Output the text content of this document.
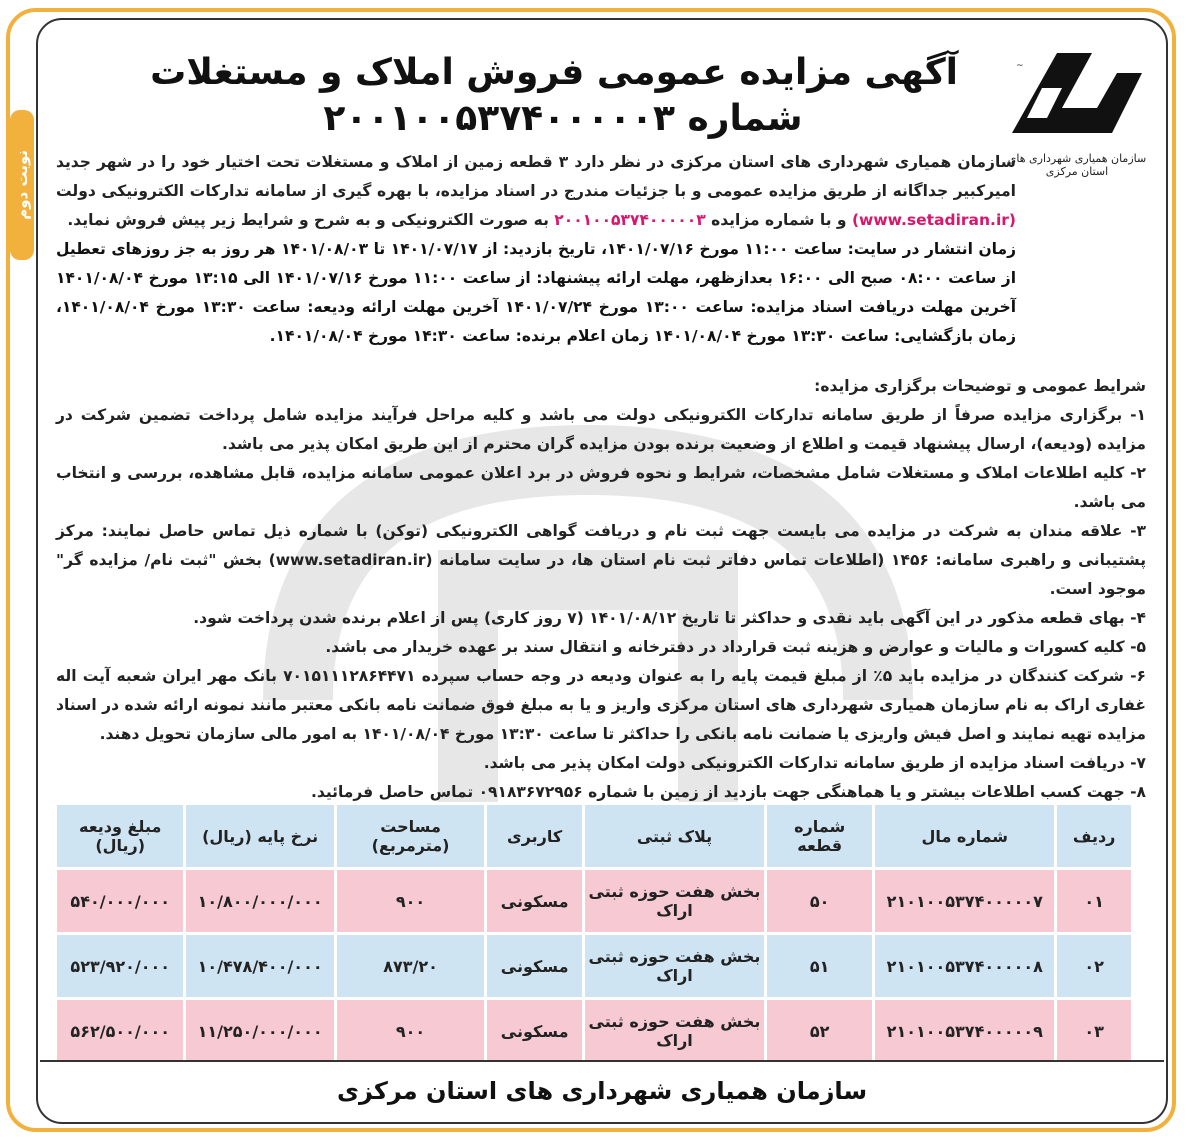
نوبت دوم
~
سازمان همیاری شهرداری های استان مرکزی
آگهی مزایده عمومی فروش املاک و مستغلات
شماره ۲۰۰۱۰۰۵۳۷۴۰۰۰۰۰۳

سازمان همیاری شهرداری های استان مرکزی در نظر دارد ۳ قطعه زمین از املاک و مستغلات تحت اختیار خود را در شهر جدید امیرکبیر جداگانه از طریق مزایده عمومی و با جزئیات مندرج در اسناد مزایده، با بهره گیری از سامانه تدارکات الکترونیکی دولت (www.setadiran.ir) و با شماره مزایده ۲۰۰۱۰۰۵۳۷۴۰۰۰۰۰۳ به صورت الکترونیکی و به شرح و شرایط زیر پیش فروش نماید.

زمان انتشار در سایت: ساعت ۱۱:۰۰ مورخ ۱۴۰۱/۰۷/۱۶، تاریخ بازدید: از ۱۴۰۱/۰۷/۱۷ تا ۱۴۰۱/۰۸/۰۳ هر روز به جز روزهای تعطیل از ساعت ۰۸:۰۰ صبح الی ۱۶:۰۰ بعدازظهر، مهلت ارائه پیشنهاد: از ساعت ۱۱:۰۰ مورخ ۱۴۰۱/۰۷/۱۶ الی ۱۳:۱۵ مورخ ۱۴۰۱/۰۸/۰۴ آخرین مهلت دریافت اسناد مزایده: ساعت ۱۳:۰۰ مورخ ۱۴۰۱/۰۷/۲۴ آخرین مهلت ارائه ودیعه: ساعت ۱۳:۳۰ مورخ ۱۴۰۱/۰۸/۰۴، زمان بازگشایی: ساعت ۱۳:۳۰ مورخ ۱۴۰۱/۰۸/۰۴ زمان اعلام برنده: ساعت ۱۴:۳۰ مورخ ۱۴۰۱/۰۸/۰۴.

شرایط عمومی و توضیحات برگزاری مزایده:

۱- برگزاری مزایده صرفاً از طریق سامانه تدارکات الکترونیکی دولت می باشد و کلیه مراحل فرآیند مزایده شامل پرداخت تضمین شرکت در مزایده (ودیعه)، ارسال پیشنهاد قیمت و اطلاع از وضعیت برنده بودن مزایده گران محترم از این طریق امکان پذیر می باشد.

۲- کلیه اطلاعات املاک و مستغلات شامل مشخصات، شرایط و نحوه فروش در برد اعلان عمومی سامانه مزایده، قابل مشاهده، بررسی و انتخاب می باشد.

۳- علاقه مندان به شرکت در مزایده می بایست جهت ثبت نام و دریافت گواهی الکترونیکی (توکن) با شماره ذیل تماس حاصل نمایند: مرکز پشتیبانی و راهبری سامانه: ۱۴۵۶ (اطلاعات تماس دفاتر ثبت نام استان ها، در سایت سامانه (www.setadiran.ir) بخش "ثبت نام/ مزایده گر" موجود است.

۴- بهای قطعه مذکور در این آگهی باید نقدی و حداکثر تا تاریخ ۱۴۰۱/۰۸/۱۲ (۷ روز کاری) پس از اعلام برنده شدن پرداخت شود.

۵- کلیه کسورات و مالیات و عوارض و هزینه ثبت قرارداد در دفترخانه و انتقال سند بر عهده خریدار می باشد.

۶- شرکت کنندگان در مزایده باید ۵٪ از مبلغ قیمت پایه را به عنوان ودیعه در وجه حساب سپرده ۷۰۱۵۱۱۱۲۸۶۴۴۷۱ بانک مهر ایران شعبه آیت اله غفاری اراک به نام سازمان همیاری شهرداری های استان مرکزی واریز و یا به مبلغ فوق ضمانت نامه بانکی معتبر مانند نمونه ارائه شده در اسناد مزایده تهیه نمایند و اصل فیش واریزی یا ضمانت نامه بانکی را حداکثر تا ساعت ۱۳:۳۰ مورخ ۱۴۰۱/۰۸/۰۴ به امور مالی سازمان تحویل دهند.

۷- دریافت اسناد مزایده از طریق سامانه تدارکات الکترونیکی دولت امکان پذیر می باشد.

۸- جهت کسب اطلاعات بیشتر و یا هماهنگی جهت بازدید از زمین با شماره ۰۹۱۸۳۶۷۲۹۵۶ تماس حاصل فرمائید.

ردیف	شماره مال	شماره قطعه	پلاک ثبتی	کاربری	مساحت (مترمربع)	نرخ پایه (ریال)	مبلغ ودیعه (ریال)
۰۱	۲۱۰۱۰۰۵۳۷۴۰۰۰۰۰۷	۵۰	بخش هفت حوزه ثبتی اراک	مسکونی	۹۰۰	۱۰/۸۰۰/۰۰۰/۰۰۰	۵۴۰/۰۰۰/۰۰۰
۰۲	۲۱۰۱۰۰۵۳۷۴۰۰۰۰۰۸	۵۱	بخش هفت حوزه ثبتی اراک	مسکونی	۸۷۳/۲۰	۱۰/۴۷۸/۴۰۰/۰۰۰	۵۲۳/۹۲۰/۰۰۰
۰۳	۲۱۰۱۰۰۵۳۷۴۰۰۰۰۰۹	۵۲	بخش هفت حوزه ثبتی اراک	مسکونی	۹۰۰	۱۱/۲۵۰/۰۰۰/۰۰۰	۵۶۲/۵۰۰/۰۰۰
سازمان همیاری شهرداری های استان مرکزی
